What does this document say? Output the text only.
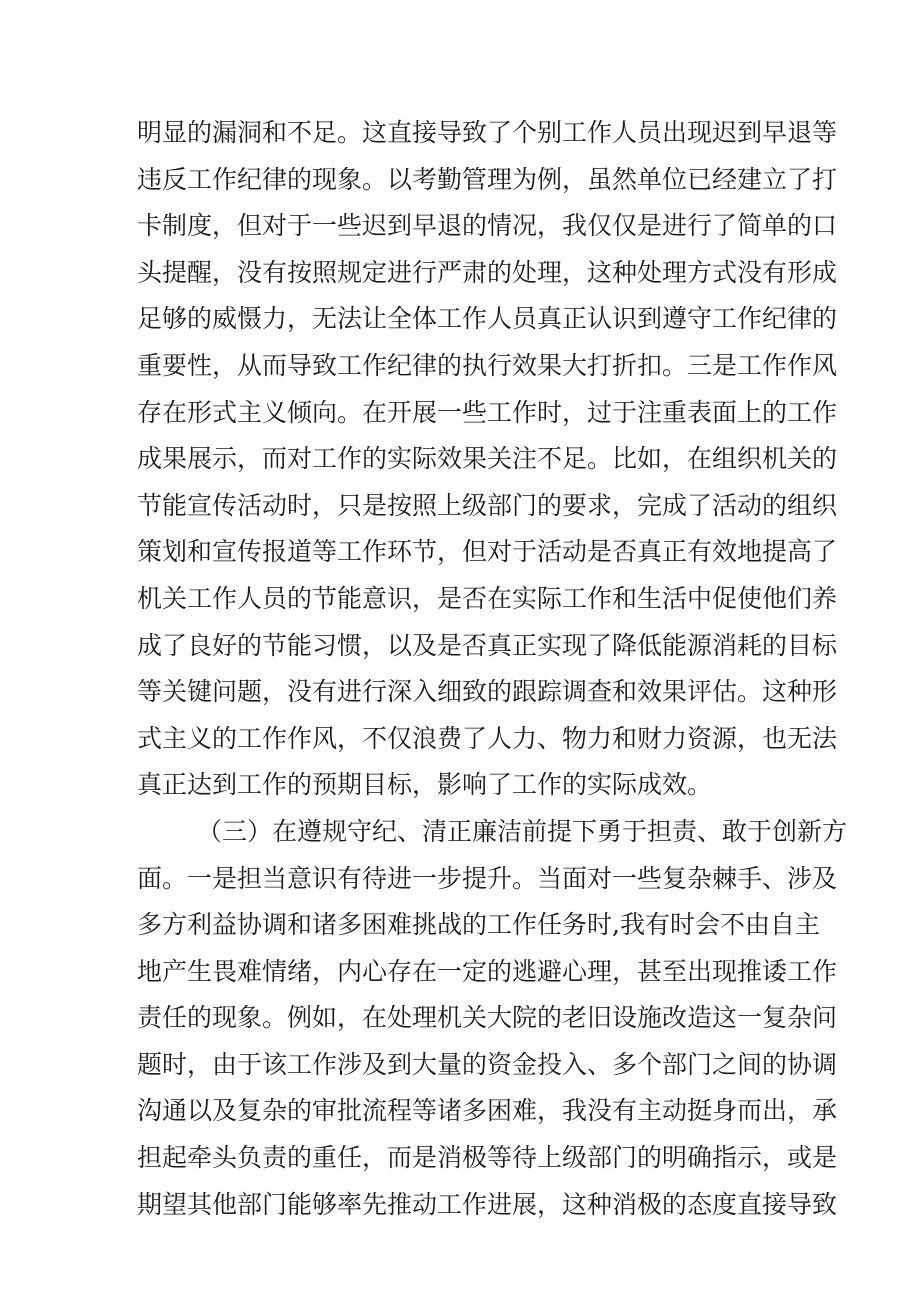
明显的漏洞和不足。这直接导致了个别工作人员出现迟到早退等
违反工作纪律的现象。以考勤管理为例，虽然单位已经建立了打
卡制度，但对于一些迟到早退的情况，我仅仅是进行了简单的口
头提醒，没有按照规定进行严肃的处理，这种处理方式没有形成
足够的威慑力，无法让全体工作人员真正认识到遵守工作纪律的
重要性，从而导致工作纪律的执行效果大打折扣。三是工作作风
存在形式主义倾向。在开展一些工作时，过于注重表面上的工作
成果展示，而对工作的实际效果关注不足。比如，在组织机关的
节能宣传活动时，只是按照上级部门的要求，完成了活动的组织
策划和宣传报道等工作环节，但对于活动是否真正有效地提高了
机关工作人员的节能意识，是否在实际工作和生活中促使他们养
成了良好的节能习惯，以及是否真正实现了降低能源消耗的目标
等关键问题，没有进行深入细致的跟踪调查和效果评估。这种形
式主义的工作作风，不仅浪费了人力、物力和财力资源，也无法
真正达到工作的预期目标，影响了工作的实际成效。
（三）在遵规守纪、清正廉洁前提下勇于担责、敢于创新方
面。一是担当意识有待进一步提升。当面对一些复杂棘手、涉及
多方利益协调和诸多困难挑战的工作任务时,我有时会不由自主
地产生畏难情绪，内心存在一定的逃避心理，甚至出现推诿工作
责任的现象。例如，在处理机关大院的老旧设施改造这一复杂问
题时，由于该工作涉及到大量的资金投入、多个部门之间的协调
沟通以及复杂的审批流程等诸多困难，我没有主动挺身而出，承
担起牵头负责的重任，而是消极等待上级部门的明确指示，或是
期望其他部门能够率先推动工作进展，这种消极的态度直接导致
